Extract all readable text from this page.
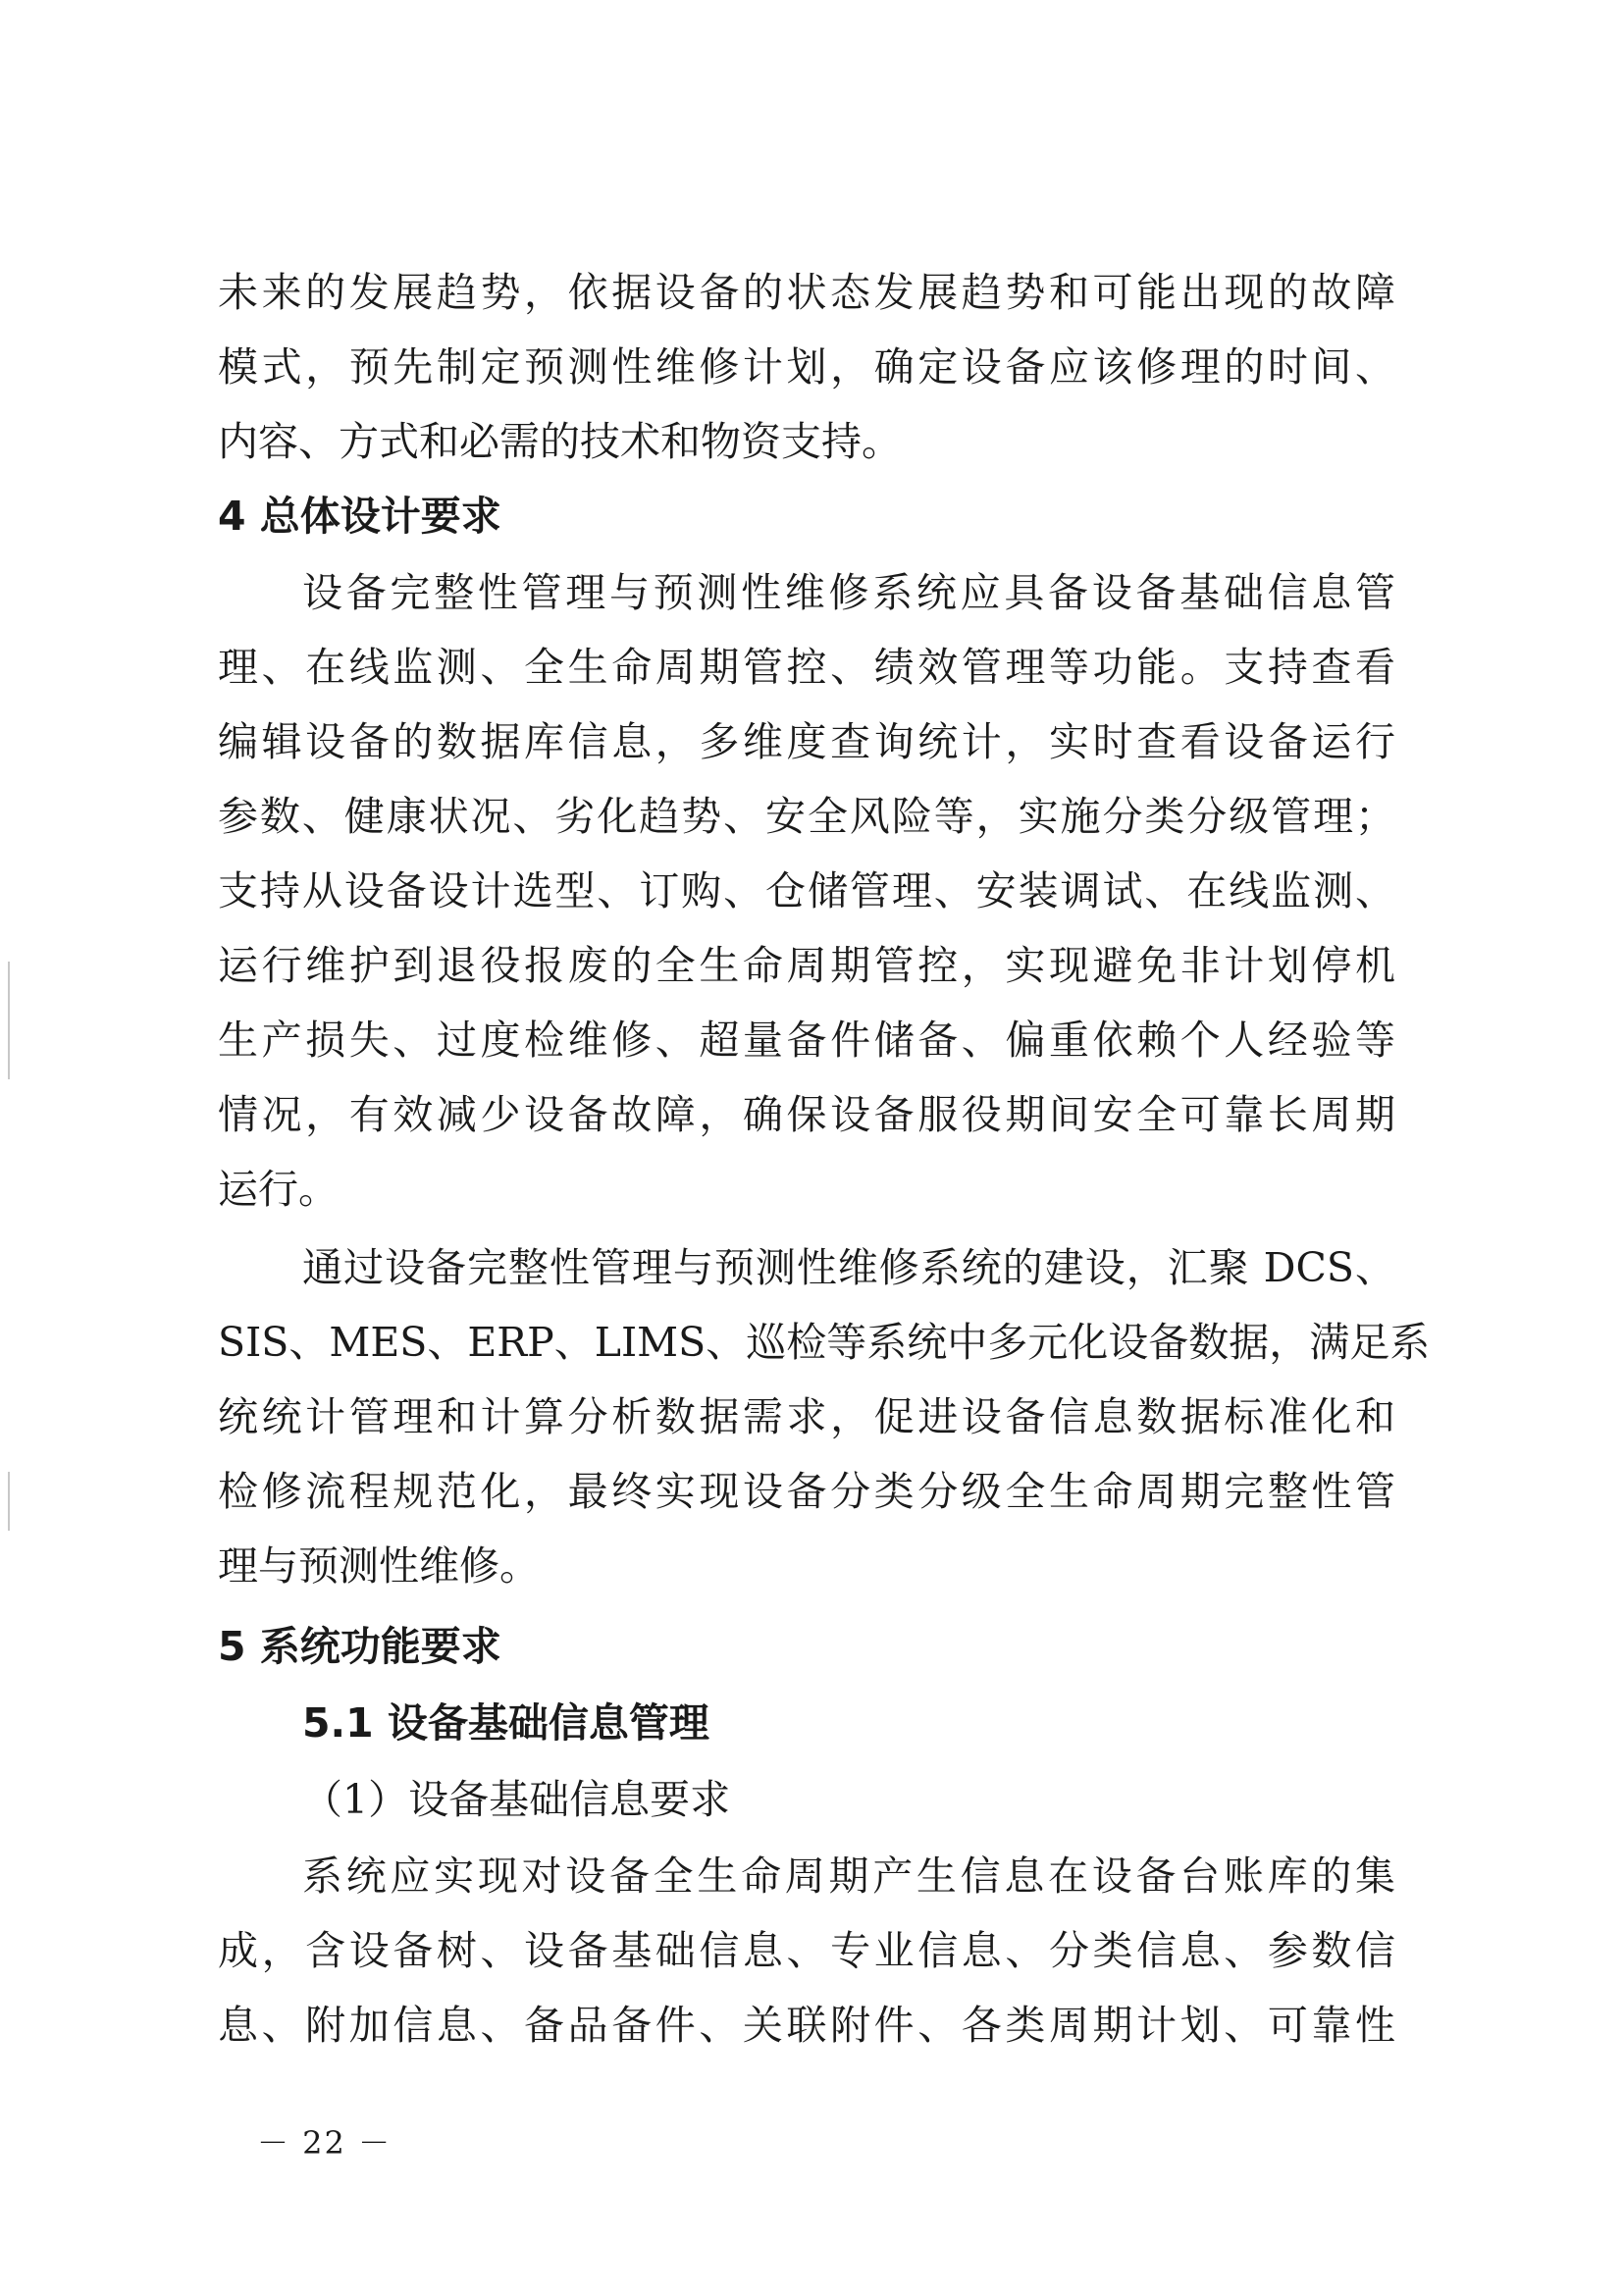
未来的发展趋势，依据设备的状态发展趋势和可能出现的故障
模式，预先制定预测性维修计划，确定设备应该修理的时间、
内容、方式和必需的技术和物资支持。
4 总体设计要求
设备完整性管理与预测性维修系统应具备设备基础信息管
理、在线监测、全生命周期管控、绩效管理等功能。支持查看
编辑设备的数据库信息，多维度查询统计，实时查看设备运行
参数、健康状况、劣化趋势、安全风险等，实施分类分级管理；
支持从设备设计选型、订购、仓储管理、安装调试、在线监测、
运行维护到退役报废的全生命周期管控，实现避免非计划停机
生产损失、过度检维修、超量备件储备、偏重依赖个人经验等
情况，有效减少设备故障，确保设备服役期间安全可靠长周期
运行。
通过设备完整性管理与预测性维修系统的建设，汇聚 DCS、
SIS、MES、ERP、LIMS、巡检等系统中多元化设备数据，满足系
统统计管理和计算分析数据需求，促进设备信息数据标准化和
检修流程规范化，最终实现设备分类分级全生命周期完整性管
理与预测性维修。
5 系统功能要求
5.1 设备基础信息管理
（1）设备基础信息要求
系统应实现对设备全生命周期产生信息在设备台账库的集
成，含设备树、设备基础信息、专业信息、分类信息、参数信
息、附加信息、备品备件、关联附件、各类周期计划、可靠性
－ 22 －
